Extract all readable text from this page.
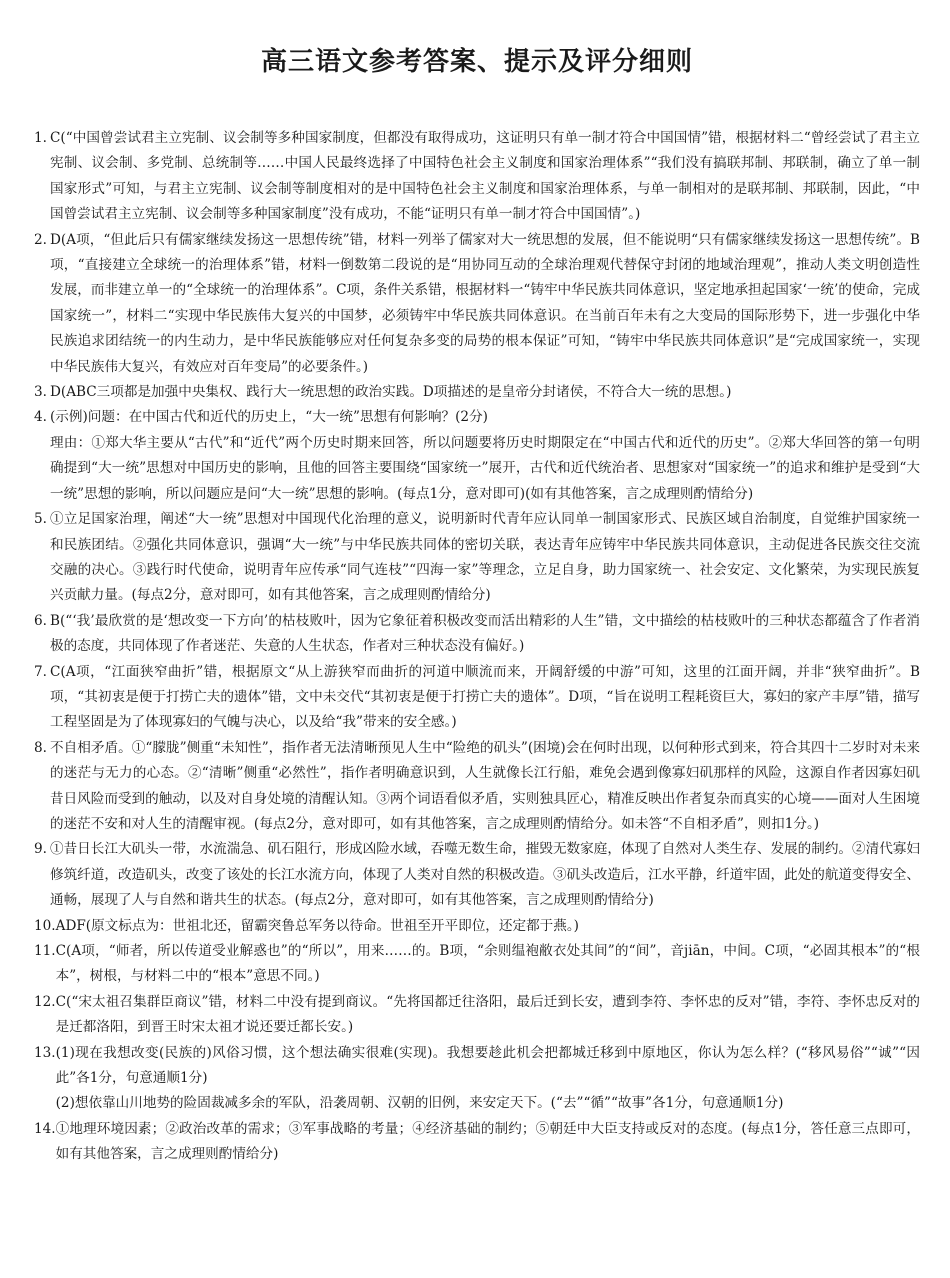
高三语文参考答案、提示及评分细则
1. C(“中国曾尝试君主立宪制、议会制等多种国家制度，但都没有取得成功，这证明只有单一制才符合中国国情”错，根据材料二“曾经尝试了君主立宪制、议会制、多党制、总统制等……中国人民最终选择了中国特色社会主义制度和国家治理体系”“我们没有搞联邦制、邦联制，确立了单一制国家形式”可知，与君主立宪制、议会制等制度相对的是中国特色社会主义制度和国家治理体系，与单一制相对的是联邦制、邦联制，因此，“中国曾尝试君主立宪制、议会制等多种国家制度”没有成功，不能“证明只有单一制才符合中国国情”。)

2. D(A项，“但此后只有儒家继续发扬这一思想传统”错，材料一列举了儒家对大一统思想的发展，但不能说明“只有儒家继续发扬这一思想传统”。B项，“直接建立全球统一的治理体系”错，材料一倒数第二段说的是“用协同互动的全球治理观代替保守封闭的地域治理观”，推动人类文明创造性发展，而非建立单一的“全球统一的治理体系”。C项，条件关系错，根据材料一“铸牢中华民族共同体意识，坚定地承担起国家‘一统’的使命，完成国家统一”，材料二“实现中华民族伟大复兴的中国梦，必须铸牢中华民族共同体意识。在当前百年未有之大变局的国际形势下，进一步强化中华民族追求团结统一的内生动力，是中华民族能够应对任何复杂多变的局势的根本保证”可知，“铸牢中华民族共同体意识”是“完成国家统一，实现中华民族伟大复兴，有效应对百年变局”的必要条件。)

3. D(ABC三项都是加强中央集权、践行大一统思想的政治实践。D项描述的是皇帝分封诸侯，不符合大一统的思想。)

4. (示例)问题：在中国古代和近代的历史上，“大一统”思想有何影响？(2分)

理由：①郑大华主要从“古代”和“近代”两个历史时期来回答，所以问题要将历史时期限定在“中国古代和近代的历史”。②郑大华回答的第一句明确提到“大一统”思想对中国历史的影响，且他的回答主要围绕“国家统一”展开，古代和近代统治者、思想家对“国家统一”的追求和维护是受到“大一统”思想的影响，所以问题应是问“大一统”思想的影响。(每点1分，意对即可)(如有其他答案，言之成理则酌情给分)

5. ①立足国家治理，阐述“大一统”思想对中国现代化治理的意义，说明新时代青年应认同单一制国家形式、民族区域自治制度，自觉维护国家统一和民族团结。②强化共同体意识，强调“大一统”与中华民族共同体的密切关联，表达青年应铸牢中华民族共同体意识，主动促进各民族交往交流交融的决心。③践行时代使命，说明青年应传承“同气连枝”“四海一家”等理念，立足自身，助力国家统一、社会安定、文化繁荣，为实现民族复兴贡献力量。(每点2分，意对即可，如有其他答案，言之成理则酌情给分)

6. B(“‘我’最欣赏的是‘想改变一下方向’的枯枝败叶，因为它象征着积极改变而活出精彩的人生”错，文中描绘的枯枝败叶的三种状态都蕴含了作者消极的态度，共同体现了作者迷茫、失意的人生状态，作者对三种状态没有偏好。)

7. C(A项，“江面狭窄曲折”错，根据原文“从上游狭窄而曲折的河道中顺流而来，开阔舒缓的中游”可知，这里的江面开阔，并非“狭窄曲折”。B项，“其初衷是便于打捞亡夫的遗体”错，文中未交代“其初衷是便于打捞亡夫的遗体”。D项，“旨在说明工程耗资巨大，寡妇的家产丰厚”错，描写工程坚固是为了体现寡妇的气魄与决心，以及给“我”带来的安全感。)

8. 不自相矛盾。①“朦胧”侧重“未知性”，指作者无法清晰预见人生中“险绝的矶头”(困境)会在何时出现，以何种形式到来，符合其四十二岁时对未来的迷茫与无力的心态。②“清晰”侧重“必然性”，指作者明确意识到，人生就像长江行船，难免会遇到像寡妇矶那样的风险，这源自作者因寡妇矶昔日风险而受到的触动，以及对自身处境的清醒认知。③两个词语看似矛盾，实则独具匠心，精准反映出作者复杂而真实的心境——面对人生困境的迷茫不安和对人生的清醒审视。(每点2分，意对即可，如有其他答案，言之成理则酌情给分。如未答“不自相矛盾”，则扣1分。)

9. ①昔日长江大矶头一带，水流湍急、矶石阻行，形成凶险水域，吞噬无数生命，摧毁无数家庭，体现了自然对人类生存、发展的制约。②清代寡妇修筑纤道，改造矶头，改变了该处的长江水流方向，体现了人类对自然的积极改造。③矶头改造后，江水平静，纤道牢固，此处的航道变得安全、通畅，展现了人与自然和谐共生的状态。(每点2分，意对即可，如有其他答案，言之成理则酌情给分)

10. ADF(原文标点为：世祖北还，留霸突鲁总军务以待命。世祖至开平即位，还定都于燕。)

11. C(A项，“师者，所以传道受业解惑也”的“所以”，用来……的。B项，“余则缊袍敝衣处其间”的“间”，音jiān，中间。C项，“必固其根本”的“根本”，树根，与材料二中的“根本”意思不同。)

12. C(“宋太祖召集群臣商议”错，材料二中没有提到商议。“先将国都迁往洛阳，最后迁到长安，遭到李符、李怀忠的反对”错，李符、李怀忠反对的是迁都洛阳，到晋王时宋太祖才说还要迁都长安。)

13. (1)现在我想改变(民族的)风俗习惯，这个想法确实很难(实现)。我想要趁此机会把都城迁移到中原地区，你认为怎么样？(“移风易俗”“诚”“因此”各1分，句意通顺1分)

(2)想依靠山川地势的险固裁减多余的军队，沿袭周朝、汉朝的旧例，来安定天下。(“去”“循”“故事”各1分，句意通顺1分)

14. ①地理环境因素；②政治改革的需求；③军事战略的考量；④经济基础的制约；⑤朝廷中大臣支持或反对的态度。(每点1分，答任意三点即可，如有其他答案，言之成理则酌情给分)
